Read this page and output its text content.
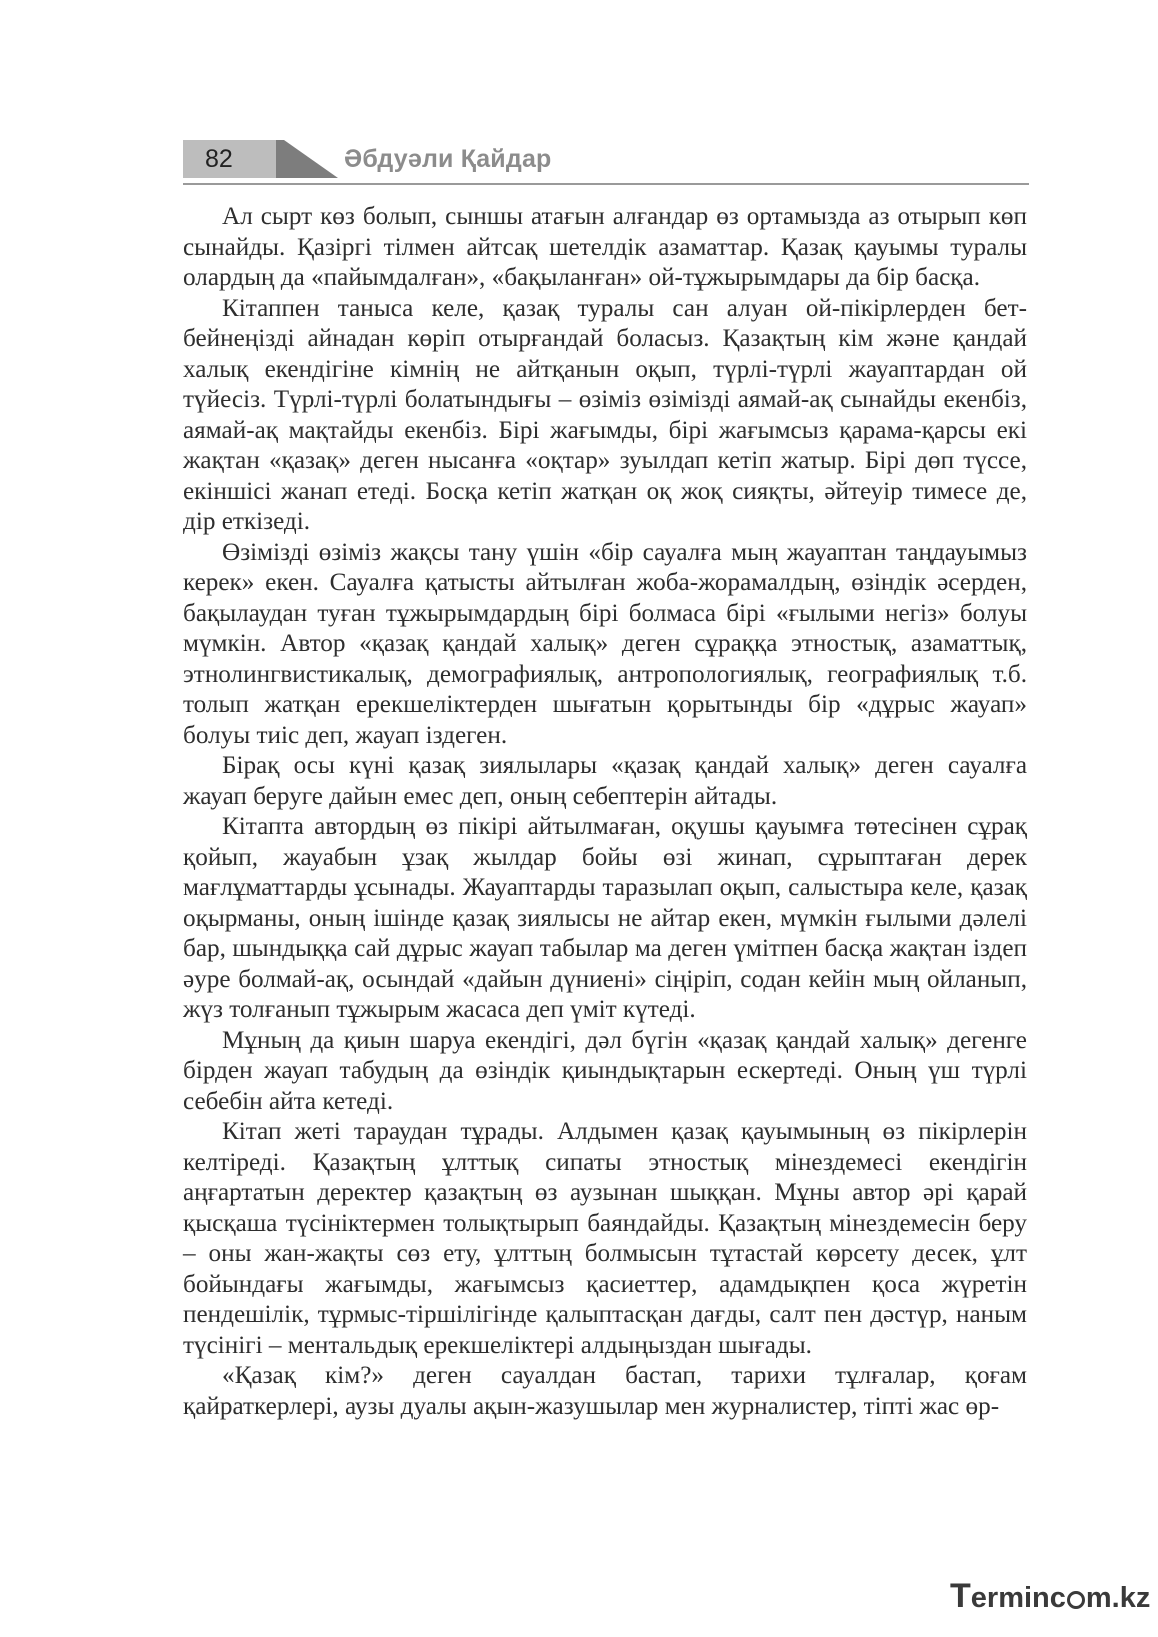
82	Әбдуәли Қайдар

Ал сырт көз болып, сыншы атағын алғандар өз ортамызда аз отырып көп сынайды. Қазіргі тілмен айтсақ шетелдік азаматтар. Қазақ қауымы туралы олардың да «пайымдалған», «бақыланған» ой-тұжырымдары да бір басқа.

Кітаппен таныса келе, қазақ туралы сан алуан ой-пікірлерден бет-бейнеңізді айнадан көріп отырғандай боласыз. Қазақтың кім және қандай халық екендігіне кімнің не айтқанын оқып, түрлі-түрлі жауаптардан ой түйесіз. Түрлі-түрлі болатындығы – өзіміз өзімізді аямай-ақ сынайды екенбіз, аямай-ақ мақтайды екенбіз. Бірі жағымды, бірі жағымсыз қарама-қарсы екі жақтан «қазақ» деген нысанға «оқтар» зуылдап кетіп жатыр. Бірі дөп түссе, екіншісі жанап етеді. Босқа кетіп жатқан оқ жоқ сияқты, әйтеуір тимесе де, дір еткізеді.

Өзімізді өзіміз жақсы тану үшін «бір сауалға мың жауаптан таңдауымыз керек» екен. Сауалға қатысты айтылған жоба-жорамалдың, өзіндік әсерден, бақылаудан туған тұжырымдардың бірі болмаса бірі «ғылыми негіз» болуы мүмкін. Автор «қазақ қандай халық» деген сұраққа этностық, азаматтық, этнолингвистикалық, демографиялық, антропологиялық, географиялық т.б. толып жатқан ерекшеліктерден шығатын қорытынды бір «дұрыс жауап» болуы тиіс деп, жауап іздеген.

Бірақ осы күні қазақ зиялылары «қазақ қандай халық» деген сауалға жауап беруге дайын емес деп, оның себептерін айтады.

Кітапта автордың өз пікірі айтылмаған, оқушы қауымға төтесінен сұрақ қойып, жауабын ұзақ жылдар бойы өзі жинап, сұрыптаған дерек мағлұматтарды ұсынады. Жауаптарды таразылап оқып, салыстыра келе, қазақ оқырманы, оның ішінде қазақ зиялысы не айтар екен, мүмкін ғылыми дәлелі бар, шындыққа сай дұрыс жауап табылар ма деген үмітпен басқа жақтан іздеп әуре болмай-ақ, осындай «дайын дүниені» сіңіріп, содан кейін мың ойланып, жүз толғанып тұжырым жасаса деп үміт күтеді.

Мұның да қиын шаруа екендігі, дәл бүгін «қазақ қандай халық» дегенге бірден жауап табудың да өзіндік қиындықтарын ескертеді. Оның үш түрлі себебін айта кетеді.

Кітап жеті тараудан тұрады. Алдымен қазақ қауымының өз пікірлерін келтіреді. Қазақтың ұлттық сипаты этностық мінездемесі екендігін аңғартатын деректер қазақтың өз аузынан шыққан. Мұны автор әрі қарай қысқаша түсініктермен толықтырып баяндайды. Қазақтың мінездемесін беру – оны жан-жақты сөз ету, ұлттың болмысын тұтастай көрсету десек, ұлт бойындағы жағымды, жағымсыз қасиеттер, адамдықпен қоса жүретін пендешілік, тұрмыс-тіршілігінде қалыптасқан дағды, салт пен дәстүр, наным түсінігі – ментальдық ерекшеліктері алдыңыздан шығады.

«Қазақ кім?» деген сауалдан бастап, тарихи тұлғалар, қоғам қайраткерлері, аузы дуалы ақын-жазушылар мен журналистер, тіпті жас өр-

Terminc m.kz
